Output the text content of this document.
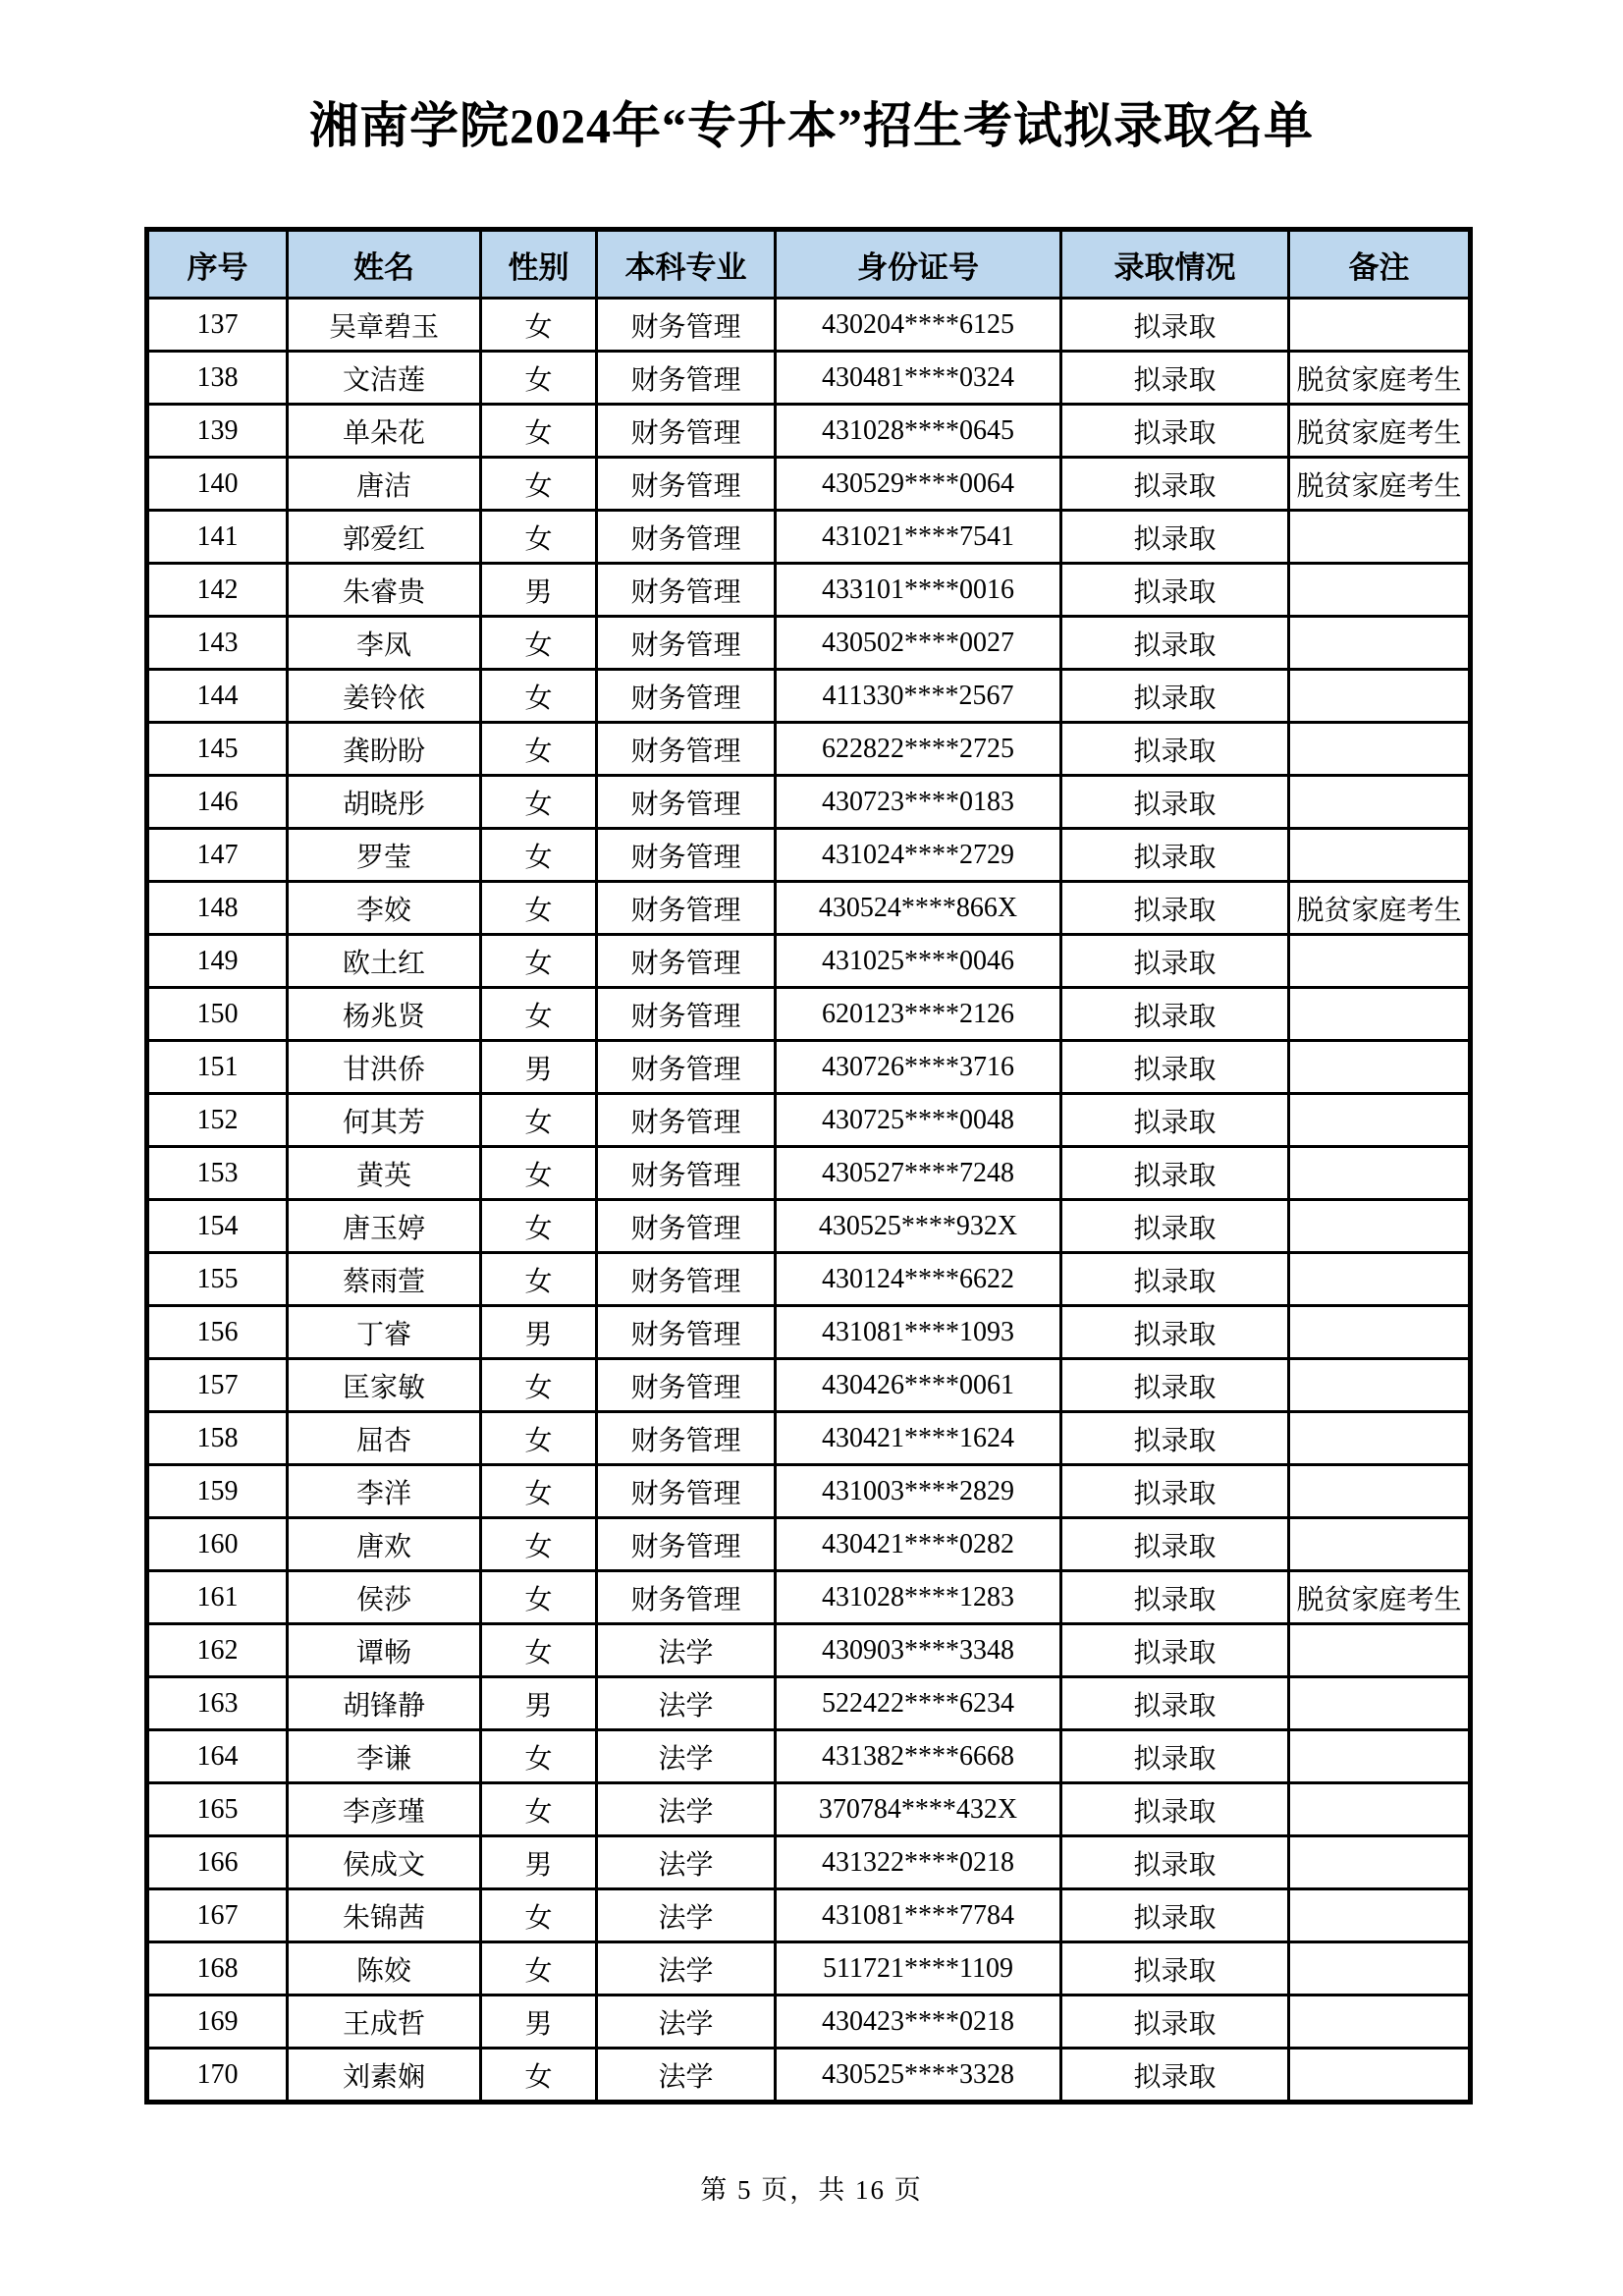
湘南学院2024年“专升本”招生考试拟录取名单
序号	姓名	性别	本科专业	身份证号	录取情况	备注
137	吴章碧玉	女	财务管理	430204****6125	拟录取	
138	文洁莲	女	财务管理	430481****0324	拟录取	脱贫家庭考生
139	单朵花	女	财务管理	431028****0645	拟录取	脱贫家庭考生
140	唐洁	女	财务管理	430529****0064	拟录取	脱贫家庭考生
141	郭爱红	女	财务管理	431021****7541	拟录取	
142	朱睿贵	男	财务管理	433101****0016	拟录取	
143	李凤	女	财务管理	430502****0027	拟录取	
144	姜铃依	女	财务管理	411330****2567	拟录取	
145	龚盼盼	女	财务管理	622822****2725	拟录取	
146	胡晓彤	女	财务管理	430723****0183	拟录取	
147	罗莹	女	财务管理	431024****2729	拟录取	
148	李姣	女	财务管理	430524****866X	拟录取	脱贫家庭考生
149	欧土红	女	财务管理	431025****0046	拟录取	
150	杨兆贤	女	财务管理	620123****2126	拟录取	
151	甘洪侨	男	财务管理	430726****3716	拟录取	
152	何其芳	女	财务管理	430725****0048	拟录取	
153	黄英	女	财务管理	430527****7248	拟录取	
154	唐玉婷	女	财务管理	430525****932X	拟录取	
155	蔡雨萱	女	财务管理	430124****6622	拟录取	
156	丁睿	男	财务管理	431081****1093	拟录取	
157	匡家敏	女	财务管理	430426****0061	拟录取	
158	屈杏	女	财务管理	430421****1624	拟录取	
159	李洋	女	财务管理	431003****2829	拟录取	
160	唐欢	女	财务管理	430421****0282	拟录取	
161	侯莎	女	财务管理	431028****1283	拟录取	脱贫家庭考生
162	谭畅	女	法学	430903****3348	拟录取	
163	胡锋静	男	法学	522422****6234	拟录取	
164	李谦	女	法学	431382****6668	拟录取	
165	李彦瑾	女	法学	370784****432X	拟录取	
166	侯成文	男	法学	431322****0218	拟录取	
167	朱锦茜	女	法学	431081****7784	拟录取	
168	陈姣	女	法学	511721****1109	拟录取	
169	王成哲	男	法学	430423****0218	拟录取	
170	刘素娴	女	法学	430525****3328	拟录取	
第 5 页，共 16 页
